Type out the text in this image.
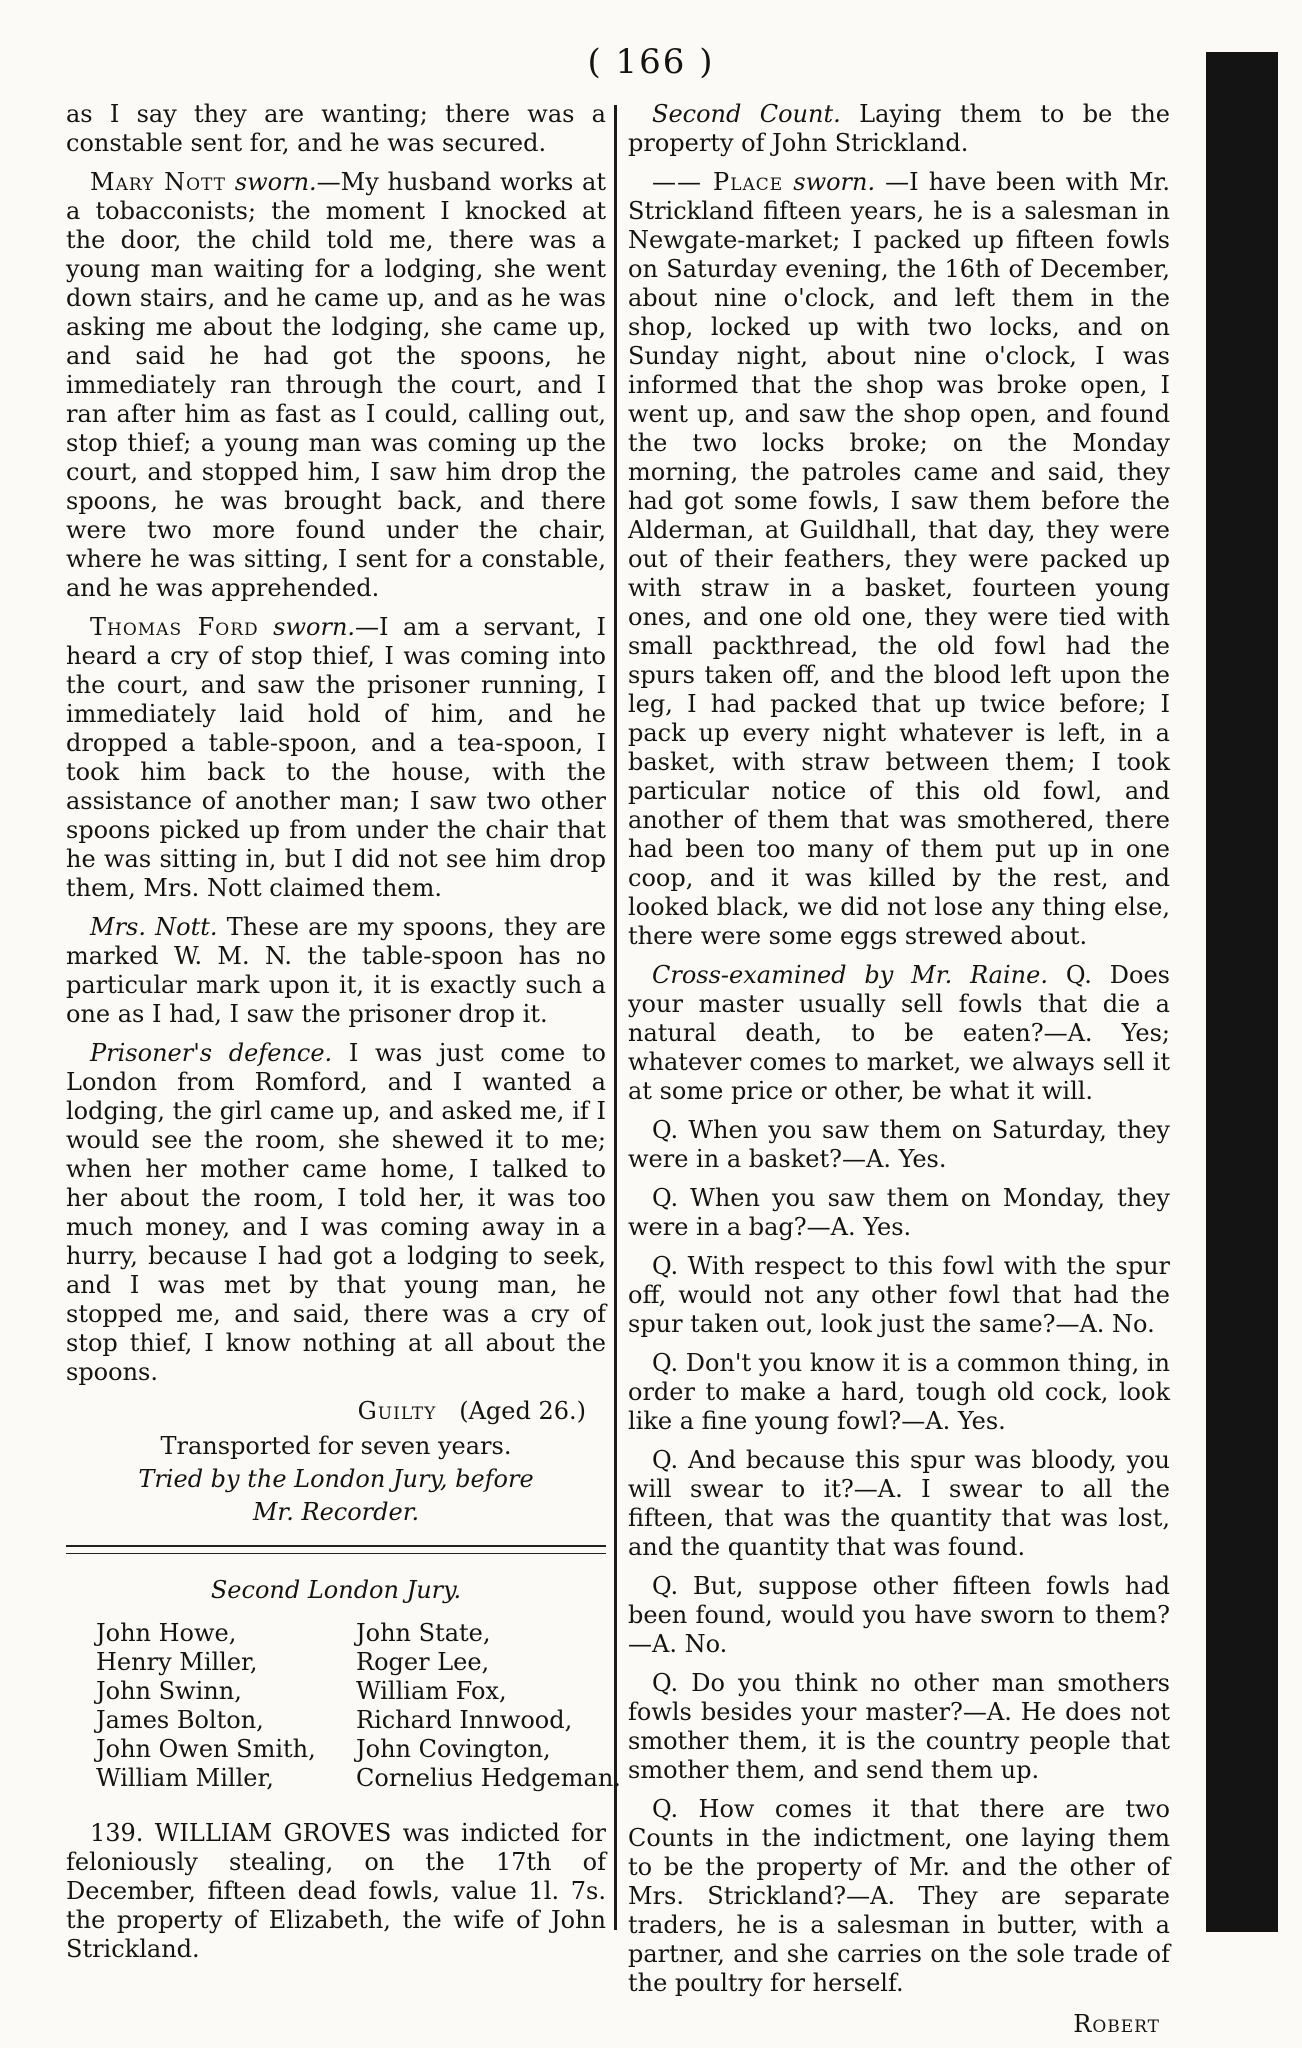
( 166 )

as I say they are wanting; there was a constable sent for, and he was secured.

Mary Nott sworn.—My husband works at a tobacconists; the moment I knocked at the door, the child told me, there was a young man waiting for a lodging, she went down stairs, and he came up, and as he was asking me about the lodging, she came up, and said he had got the spoons, he immediately ran through the court, and I ran after him as fast as I could, calling out, stop thief; a young man was coming up the court, and stopped him, I saw him drop the spoons, he was brought back, and there were two more found under the chair, where he was sitting, I sent for a constable, and he was apprehended.

Thomas Ford sworn.—I am a servant, I heard a cry of stop thief, I was coming into the court, and saw the prisoner running, I immediately laid hold of him, and he dropped a table-spoon, and a tea-spoon, I took him back to the house, with the assistance of another man; I saw two other spoons picked up from under the chair that he was sitting in, but I did not see him drop them, Mrs. Nott claimed them.

Mrs. Nott. These are my spoons, they are marked W. M. N. the table-spoon has no particular mark upon it, it is exactly such a one as I had, I saw the prisoner drop it.

Prisoner's defence. I was just come to London from Romford, and I wanted a lodging, the girl came up, and asked me, if I would see the room, she shewed it to me; when her mother came home, I talked to her about the room, I told her, it was too much money, and I was coming away in a hurry, because I had got a lodging to seek, and I was met by that young man, he stopped me, and said, there was a cry of stop thief, I know nothing at all about the spoons.

Guilty (Aged 26.)
Transported for seven years.
Tried by the London Jury, before
Mr. Recorder.
Second London Jury.
John Howe,	John State,
Henry Miller,	Roger Lee,
John Swinn,	William Fox,
James Bolton,	Richard Innwood,
John Owen Smith,	John Covington,
William Miller,	Cornelius Hedgeman.

139. WILLIAM GROVES was indicted for feloniously stealing, on the 17th of December, fifteen dead fowls, value 1l. 7s. the property of Elizabeth, the wife of John Strickland.

Second Count. Laying them to be the property of John Strickland.

—— Place sworn. —I have been with Mr. Strickland fifteen years, he is a salesman in Newgate-market; I packed up fifteen fowls on Saturday evening, the 16th of December, about nine o'clock, and left them in the shop, locked up with two locks, and on Sunday night, about nine o'clock, I was informed that the shop was broke open, I went up, and saw the shop open, and found the two locks broke; on the Monday morning, the patroles came and said, they had got some fowls, I saw them before the Alderman, at Guildhall, that day, they were out of their feathers, they were packed up with straw in a basket, fourteen young ones, and one old one, they were tied with small packthread, the old fowl had the spurs taken off, and the blood left upon the leg, I had packed that up twice before; I pack up every night whatever is left, in a basket, with straw between them; I took particular notice of this old fowl, and another of them that was smothered, there had been too many of them put up in one coop, and it was killed by the rest, and looked black, we did not lose any thing else, there were some eggs strewed about.

Cross-examined by Mr. Raine. Q. Does your master usually sell fowls that die a natural death, to be eaten?—A. Yes; whatever comes to market, we always sell it at some price or other, be what it will.

Q. When you saw them on Saturday, they were in a basket?—A. Yes.

Q. When you saw them on Monday, they were in a bag?—A. Yes.

Q. With respect to this fowl with the spur off, would not any other fowl that had the spur taken out, look just the same?—A. No.

Q. Don't you know it is a common thing, in order to make a hard, tough old cock, look like a fine young fowl?—A. Yes.

Q. And because this spur was bloody, you will swear to it?—A. I swear to all the fifteen, that was the quantity that was lost, and the quantity that was found.

Q. But, suppose other fifteen fowls had been found, would you have sworn to them?—A. No.

Q. Do you think no other man smothers fowls besides your master?—A. He does not smother them, it is the country people that smother them, and send them up.

Q. How comes it that there are two Counts in the indictment, one laying them to be the property of Mr. and the other of Mrs. Strickland?—A. They are separate traders, he is a salesman in butter, with a partner, and she carries on the sole trade of the poultry for herself.

Robert
